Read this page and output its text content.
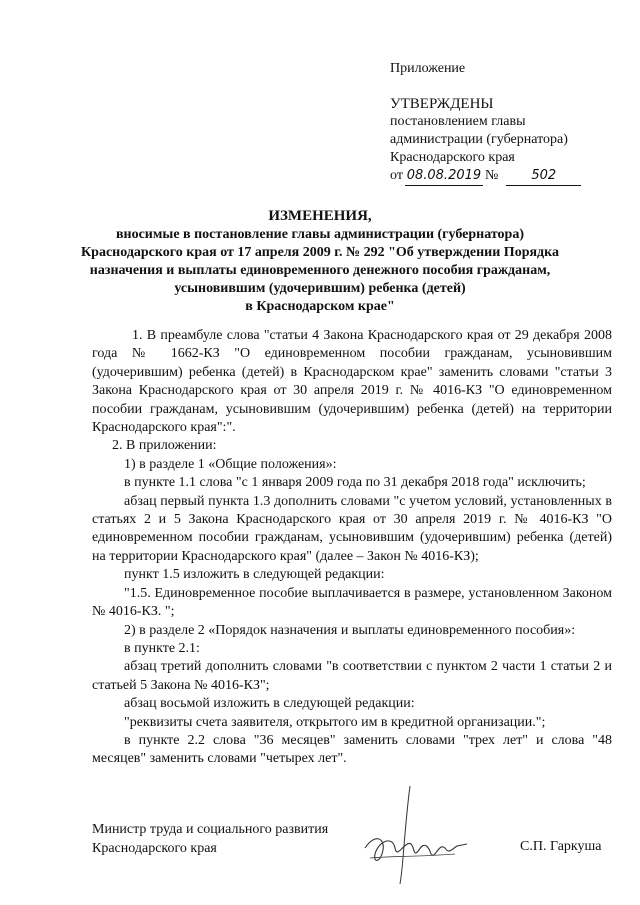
Приложение
УТВЕРЖДЕНЫ
постановлением главы
администрации (губернатора)
Краснодарского края
от 08.08.2019 №	502
ИЗМЕНЕНИЯ,
вносимые в постановление главы администрации (губернатора)
Краснодарского края от 17 апреля 2009 г. № 292 "Об утверждении Порядка
назначения и выплаты единовременного денежного пособия гражданам,
усыновившим (удочерившим) ребенка (детей)
в Краснодарском крае"

1. В преамбуле слова "статьи 4 Закона Краснодарского края от 29 декабря 2008 года № 1662-КЗ "О единовременном пособии гражданам, усыновившим (удочерившим) ребенка (детей) в Краснодарском крае" заменить словами "статьи 3 Закона Краснодарского края от 30 апреля 2019 г. № 4016-КЗ "О единовременном пособии гражданам, усыновившим (удочерившим) ребенка (детей) на территории Краснодарского края":".

2. В приложении:

1) в разделе 1 «Общие положения»:

в пункте 1.1 слова "с 1 января 2009 года по 31 декабря 2018 года" исключить;

абзац первый пункта 1.3 дополнить словами "с учетом условий, установленных в статьях 2 и 5 Закона Краснодарского края от 30 апреля 2019 г. № 4016-КЗ "О единовременном пособии гражданам, усыновившим (удочерившим) ребенка (детей) на территории Краснодарского края" (далее – Закон № 4016-КЗ);

пункт 1.5 изложить в следующей редакции:

"1.5. Единовременное пособие выплачивается в размере, установленном Законом № 4016-КЗ. ";

2) в разделе 2 «Порядок назначения и выплаты единовременного пособия»:

в пункте 2.1:

абзац третий дополнить словами "в соответствии с пунктом 2 части 1 статьи 2 и статьей 5 Закона № 4016-КЗ";

абзац восьмой изложить в следующей редакции:

"реквизиты счета заявителя, открытого им в кредитной организации.";

в пункте 2.2 слова "36 месяцев" заменить словами "трех лет" и слова "48 месяцев" заменить словами "четырех лет".

Министр труда и социального развития
Краснодарского края	С.П. Гаркуша
